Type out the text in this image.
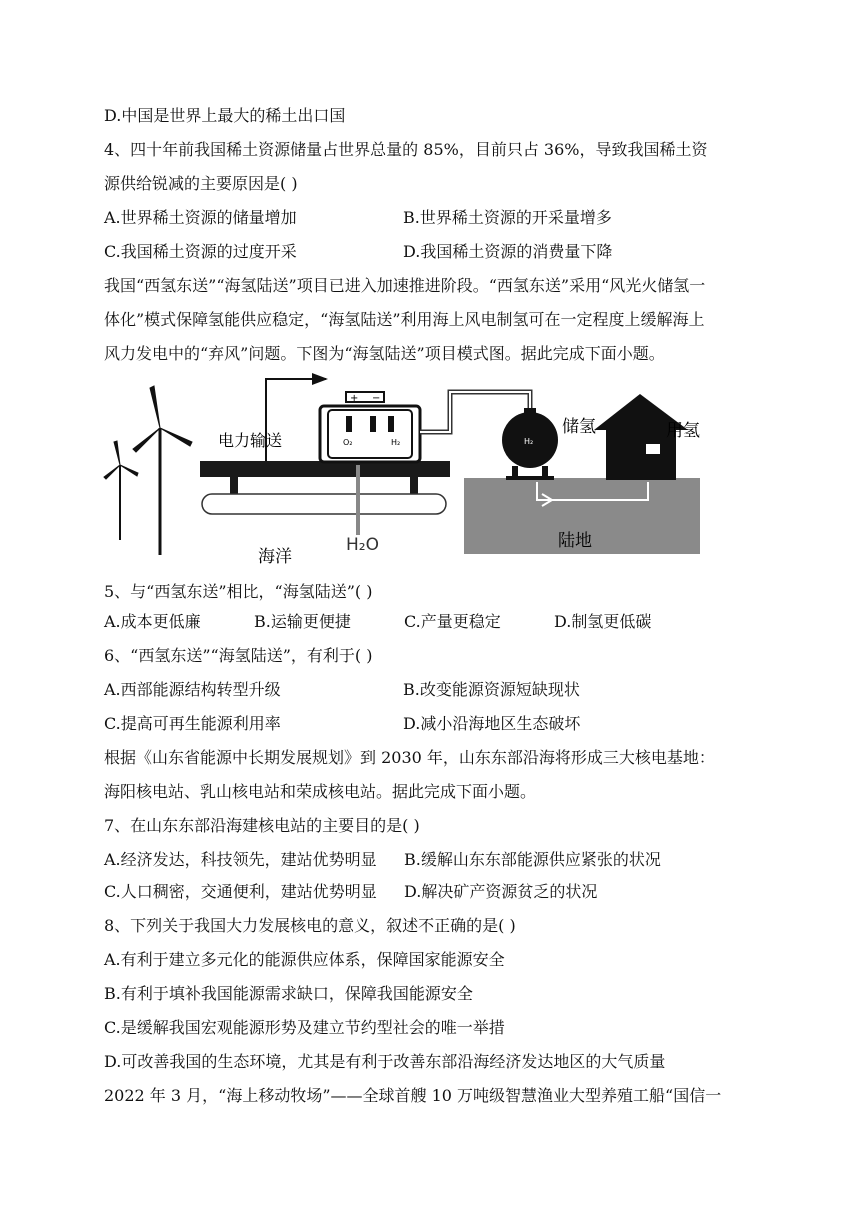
D.中国是世界上最大的稀土出口国
4、四十年前我国稀土资源储量占世界总量的 85%，目前只占 36%，导致我国稀土资
源供给锐减的主要原因是( )
A.世界稀土资源的储量增加	B.世界稀土资源的开采量增多
C.我国稀土资源的过度开采	D.我国稀土资源的消费量下降
我国“西氢东送”“海氢陆送”项目已进入加速推进阶段。“西氢东送”采用“风光火储氢一
体化”模式保障氢能供应稳定，“海氢陆送”利用海上风电制氢可在一定程度上缓解海上
风力发电中的“弃风”问题。下图为“海氢陆送”项目模式图。据此完成下面小题。
O₂	H₂
+ −
电力输送	H₂
储氢	用氢
陆地
海洋
H₂O
5、与“西氢东送”相比，“海氢陆送”( )
A.成本更低廉	B.运输更便捷	C.产量更稳定	D.制氢更低碳
6、“西氢东送”“海氢陆送”，有利于( )
A.西部能源结构转型升级	B.改变能源资源短缺现状
C.提高可再生能源利用率	D.减小沿海地区生态破坏
根据《山东省能源中长期发展规划》到 2030 年，山东东部沿海将形成三大核电基地：
海阳核电站、乳山核电站和荣成核电站。据此完成下面小题。
7、在山东东部沿海建核电站的主要目的是( )
A.经济发达，科技领先，建站优势明显 B.缓解山东东部能源供应紧张的状况
C.人口稠密，交通便利，建站优势明显 D.解决矿产资源贫乏的状况
8、下列关于我国大力发展核电的意义，叙述不正确的是( )
A.有利于建立多元化的能源供应体系，保障国家能源安全
B.有利于填补我国能源需求缺口，保障我国能源安全
C.是缓解我国宏观能源形势及建立节约型社会的唯一举措
D.可改善我国的生态环境，尤其是有利于改善东部沿海经济发达地区的大气质量
2022 年 3 月，“海上移动牧场”——全球首艘 10 万吨级智慧渔业大型养殖工船“国信一
